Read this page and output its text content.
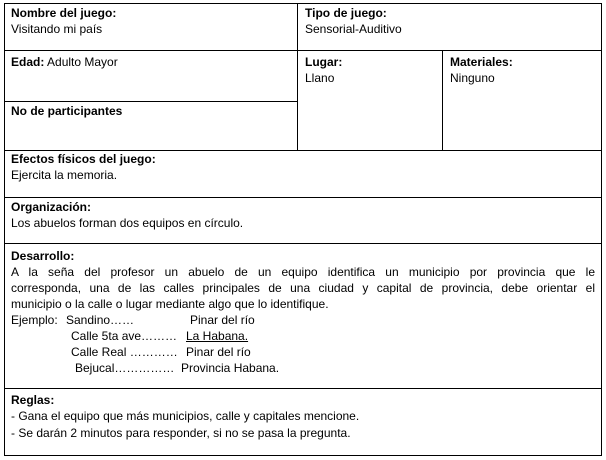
Nombre del juego:
Visitando mi país
Tipo de juego:
Sensorial-Auditivo
Edad: Adulto Mayor	Lugar:
Llano
Materiales:
Ninguno
No de participantes
Efectos físicos del juego:
Ejercita la memoria.
Organización:
Los abuelos forman dos equipos en círculo.
Desarrollo:
A la seña del profesor un abuelo de un equipo identifica un municipio por provincia que le
corresponda, una de las calles principales de una ciudad y capital de provincia, debe orientar el
municipio o la calle o lugar mediante algo que lo identifique.
Ejemplo: Sandino……	Pinar del río
Calle 5ta ave……… La Habana.
Calle Real ………… Pinar del río
Bejucal…………… Provincia Habana.
Reglas:
- Gana el equipo que más municipios, calle y capitales mencione.
- Se darán 2 minutos para responder, si no se pasa la pregunta.
